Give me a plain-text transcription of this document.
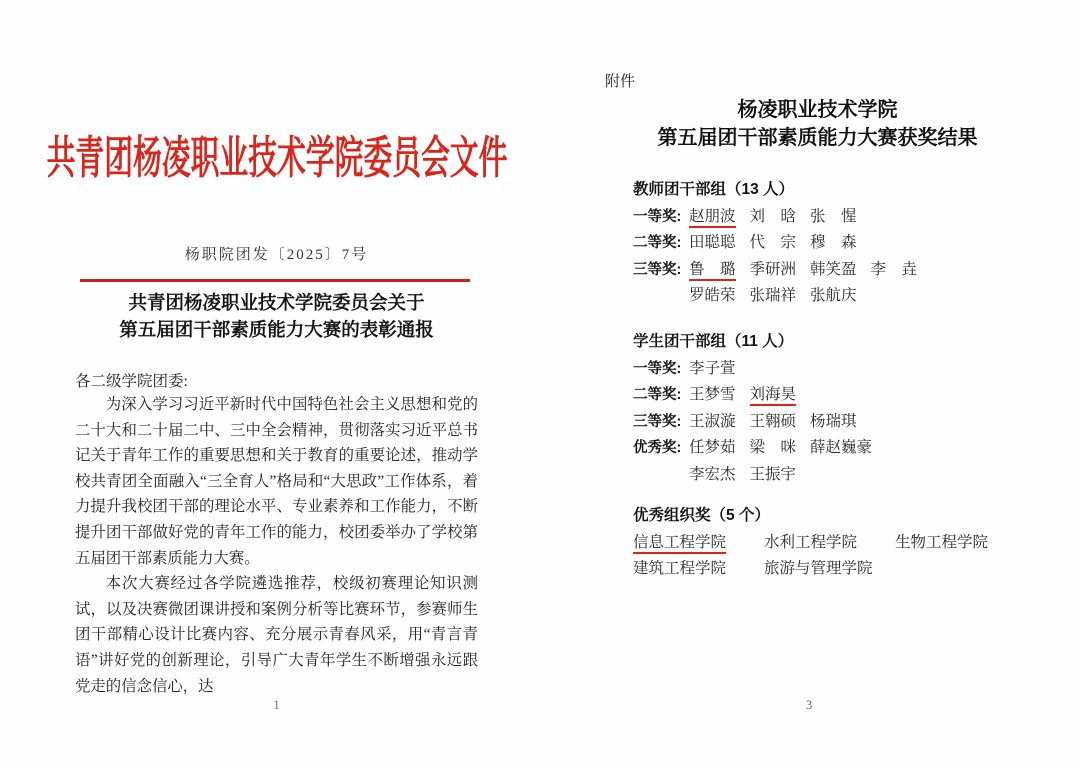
共青团杨凌职业技术学院委员会文件
杨职院团发〔2025〕7号
共青团杨凌职业技术学院委员会关于
第五届团干部素质能力大赛的表彰通报
各二级学院团委:

为深入学习习近平新时代中国特色社会主义思想和党的二十大和二十届二中、三中全会精神，贯彻落实习近平总书记关于青年工作的重要思想和关于教育的重要论述，推动学校共青团全面融入“三全育人”格局和“大思政”工作体系，着力提升我校团干部的理论水平、专业素养和工作能力，不断提升团干部做好党的青年工作的能力，校团委举办了学校第五届团干部素质能力大赛。

本次大赛经过各学院遴选推荐，校级初赛理论知识测试，以及决赛微团课讲授和案例分析等比赛环节，参赛师生团干部精心设计比赛内容、充分展示青春风采，用“青言青语”讲好党的创新理论，引导广大青年学生不断增强永远跟党走的信念信心，达

1
附件
杨凌职业技术学院
第五届团干部素质能力大赛获奖结果
教师团干部组（13 人）
一等奖: 赵朋波 刘　晗 张　惺
二等奖: 田聪聪 代　宗 穆　森
三等奖: 鲁　璐 季研洲 韩笑盈 李　垚
罗皓荣 张瑞祥 张航庆
学生团干部组（11 人）
一等奖: 李子萱
二等奖: 王梦雪 刘海昊
三等奖: 王淑漩 王翱硕 杨瑞琪
优秀奖: 任梦茹 梁　咪 薛赵巍豪
李宏杰 王振宇
优秀组织奖（5 个）
信息工程学院 水利工程学院 生物工程学院
建筑工程学院 旅游与管理学院
3
